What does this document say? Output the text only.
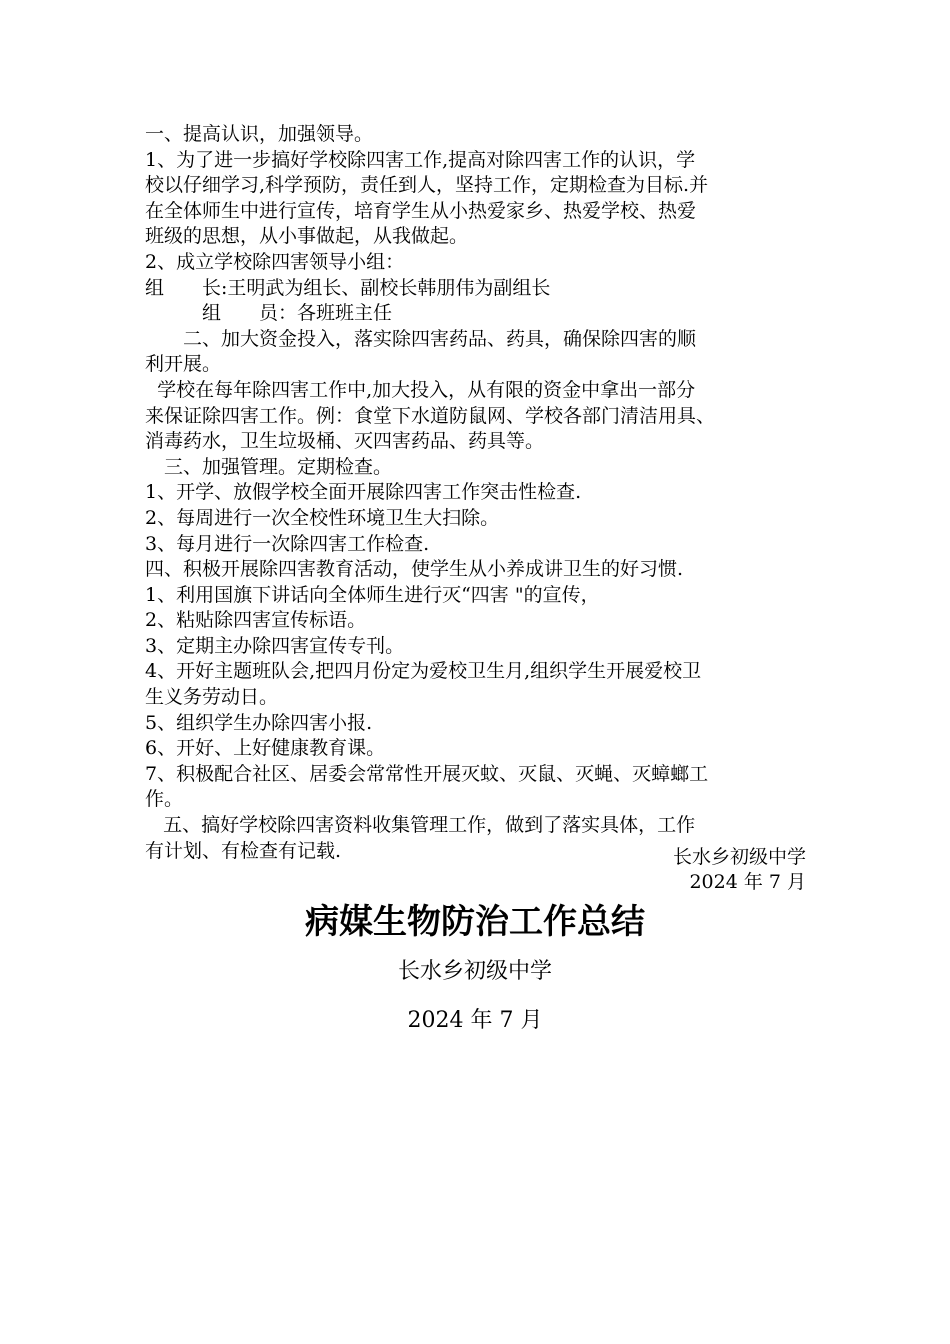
一、提高认识，加强领导。
1、为了进一步搞好学校除四害工作,提高对除四害工作的认识，学
校以仔细学习,科学预防，责任到人，坚持工作，定期检查为目标.并
在全体师生中进行宣传，培育学生从小热爱家乡、热爱学校、热爱
班级的思想，从小事做起，从我做起。
2、成立学校除四害领导小组：
组　　长:王明武为组长、副校长韩朋伟为副组长
　　　组　　员：各班班主任
　　二、加大资金投入，落实除四害药品、药具，确保除四害的顺
利开展。
学校在每年除四害工作中,加大投入，从有限的资金中拿出一部分
来保证除四害工作。例：食堂下水道防鼠网、学校各部门清洁用具、
消毒药水，卫生垃圾桶、灭四害药品、药具等。
　三、加强管理。定期检查。
1、开学、放假学校全面开展除四害工作突击性检查.
2、每周进行一次全校性环境卫生大扫除。
3、每月进行一次除四害工作检查.
四、积极开展除四害教育活动，使学生从小养成讲卫生的好习惯.
1、利用国旗下讲话向全体师生进行灭“四害 "的宣传，
2、粘贴除四害宣传标语。
3、定期主办除四害宣传专刊。
4、开好主题班队会,把四月份定为爱校卫生月,组织学生开展爱校卫
生义务劳动日。
5、组织学生办除四害小报.
6、开好、上好健康教育课。
7、积极配合社区、居委会常常性开展灭蚊、灭鼠、灭蝇、灭蟑螂工
作。
五、搞好学校除四害资料收集管理工作，做到了落实具体，工作
有计划、有检查有记载.	长水乡初级中学
2024 年 7 月
病媒生物防治工作总结
长水乡初级中学
2024 年 7 月
